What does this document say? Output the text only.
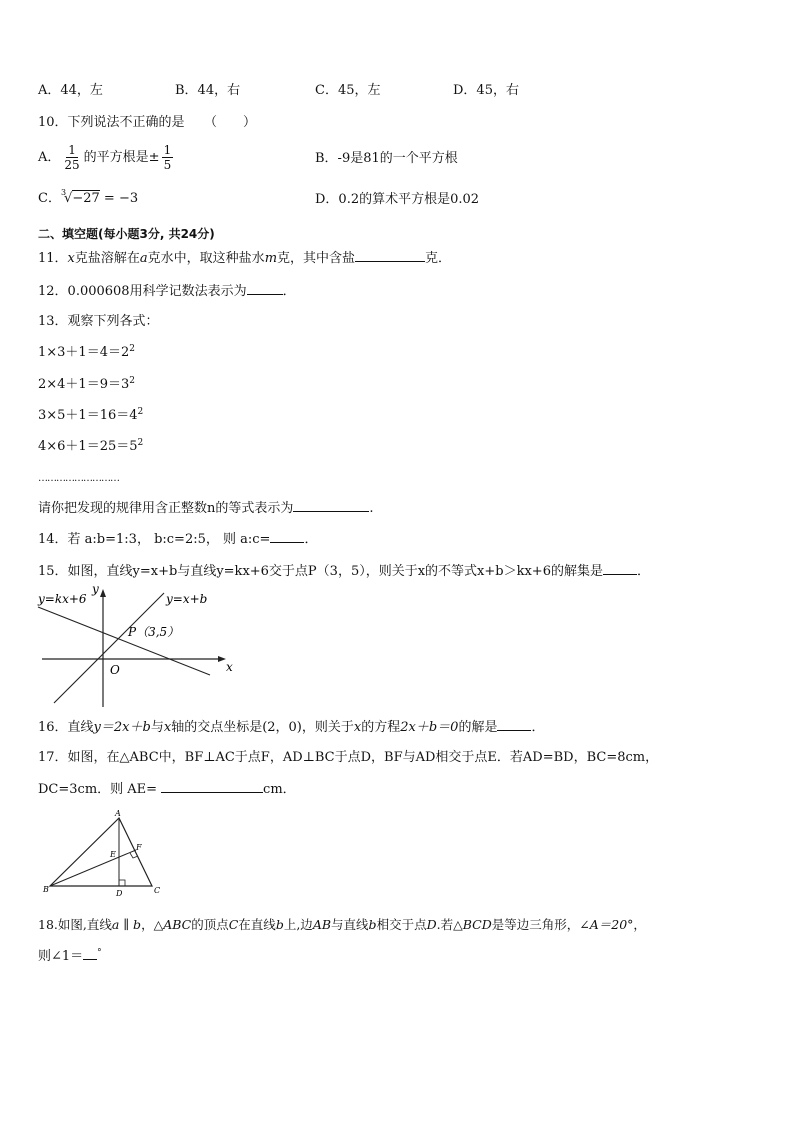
A．44，左	B．44，右	C．45，左	D．45，右
10．下列说法不正确的是　　（　　）
A． $\frac{1}{25}$ 的平方根是± $\frac{1}{5}$	B．-9是81的一个平方根
C．$^3$√−27 = −3	D．0.2的算术平方根是0.02
二、填空题(每小题3分, 共24分)
11．x克盐溶解在a克水中，取这种盐水m克，其中含盐	克．
12．0.000608用科学记数法表示为	．
13．观察下列各式：
$1\times 3+1=4=2^2$
$2\times 4+1=9=3^2$
$3\times 5+1=16=4^2$
$4\times 6+1=25=5^2$
………………………
请你把发现的规律用含正整数n的等式表示为	.
14．若 a:b=1:3， b:c=2:5， 则 a:c=	．
15．如图，直线y=x+b与直线y=kx+6交于点P（3，5），则关于x的不等式x+b＞kx+6的解集是	．
y=kx+6	y=x+b
P（3,5）
y
x
O
16．直线y＝2x＋b与x轴的交点坐标是(2，0)，则关于x的方程2x＋b＝0的解是	．
17．如图，在△ABC中，BF⊥AC于点F，AD⊥BC于点D，BF与AD相交于点E．若AD=BD，BC=8cm，
DC=3cm．则 AE=	cm．
A
B	C
D
E
F
18.如图,直线a ∥ b，△ABC的顶点C在直线b上,边AB与直线b相交于点D.若△BCD是等边三角形，∠A＝20°，
则∠1＝ °
